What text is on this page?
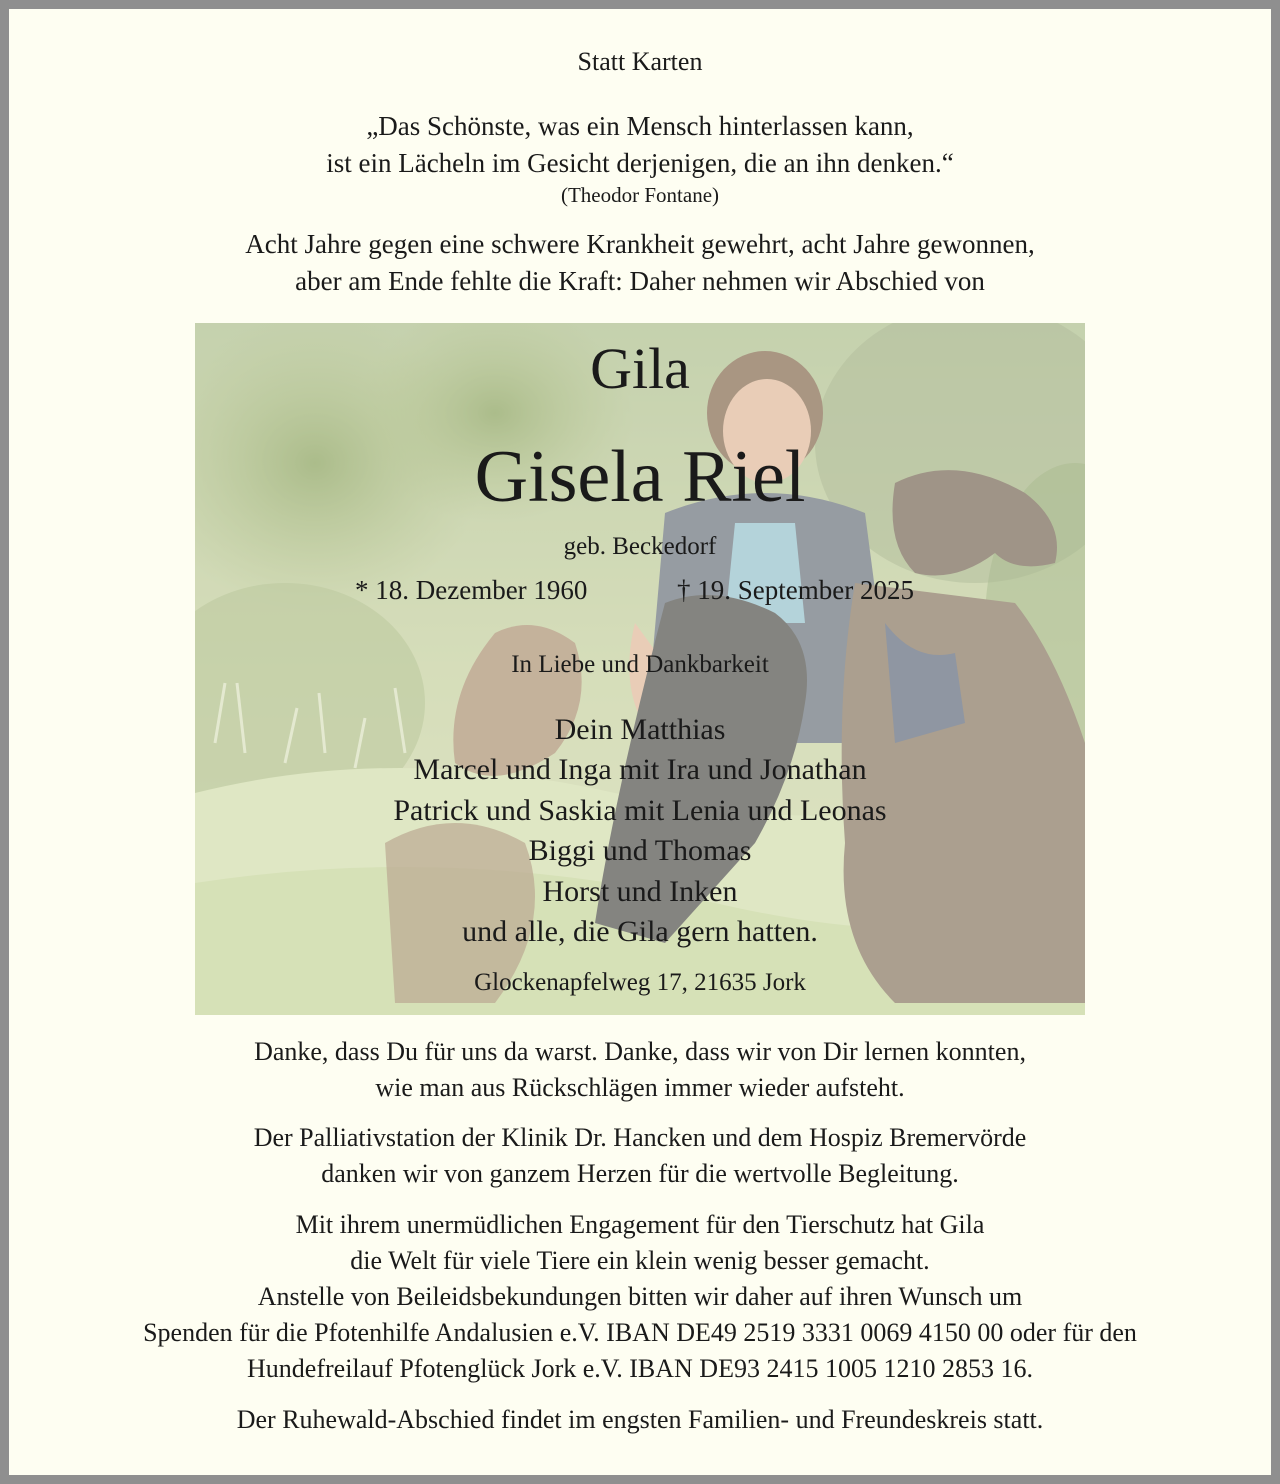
Statt Karten
„Das Schönste, was ein Mensch hinterlassen kann,
ist ein Lächeln im Gesicht derjenigen, die an ihn denken.“
(Theodor Fontane)
Acht Jahre gegen eine schwere Krankheit gewehrt, acht Jahre gewonnen,
aber am Ende fehlte die Kraft: Daher nehmen wir Abschied von
Gila
Gisela Riel
geb. Beckedorf
* 18. Dezember 1960	† 19. September 2025
In Liebe und Dankbarkeit
Dein Matthias
Marcel und Inga mit Ira und Jonathan
Patrick und Saskia mit Lenia und Leonas
Biggi und Thomas
Horst und Inken
und alle, die Gila gern hatten.
Glockenapfelweg 17, 21635 Jork
Danke, dass Du für uns da warst. Danke, dass wir von Dir lernen konnten,
wie man aus Rückschlägen immer wieder aufsteht.
Der Palliativstation der Klinik Dr. Hancken und dem Hospiz Bremervörde
danken wir von ganzem Herzen für die wertvolle Begleitung.
Mit ihrem unermüdlichen Engagement für den Tierschutz hat Gila
die Welt für viele Tiere ein klein wenig besser gemacht.
Anstelle von Beileidsbekundungen bitten wir daher auf ihren Wunsch um
Spenden für die Pfotenhilfe Andalusien e.V. IBAN DE49 2519 3331 0069 4150 00 oder für den
Hundefreilauf Pfotenglück Jork e.V. IBAN DE93 2415 1005 1210 2853 16.
Der Ruhewald-Abschied findet im engsten Familien- und Freundeskreis statt.
